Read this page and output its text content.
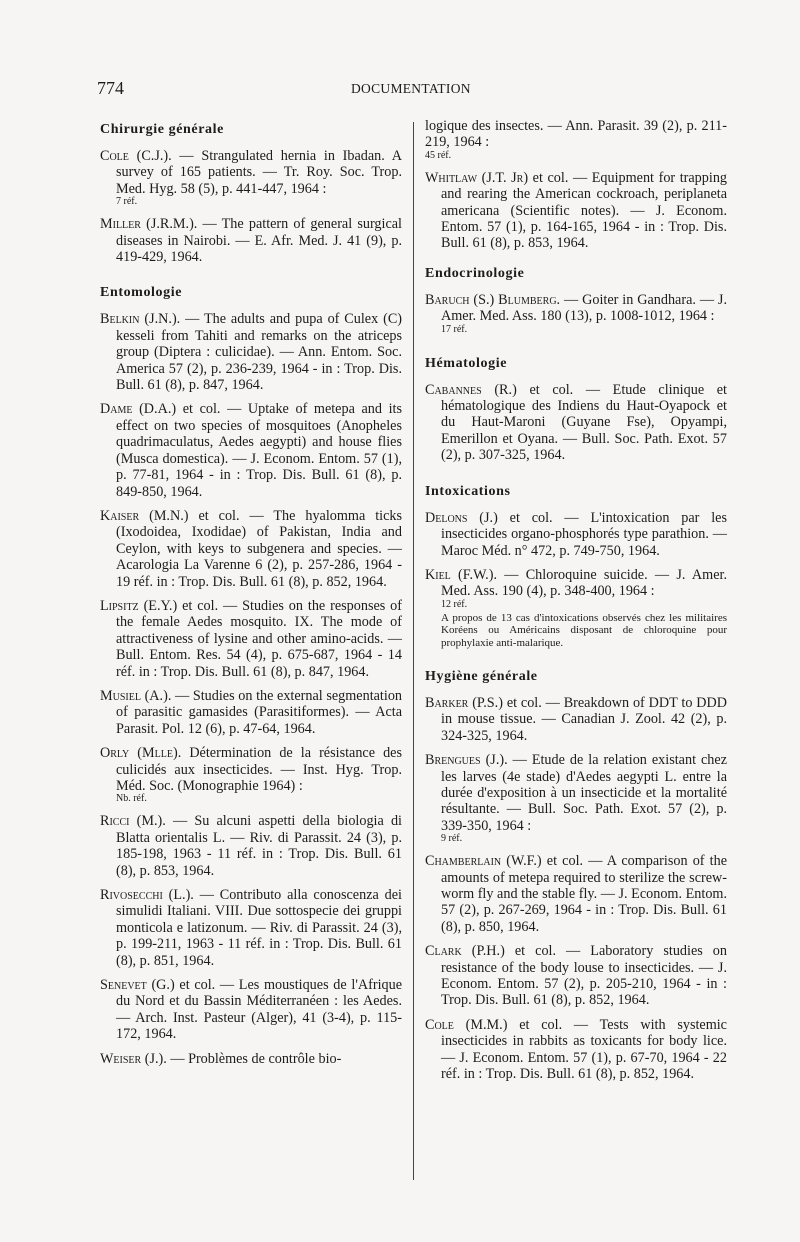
774	DOCUMENTATION
Chirurgie générale
Cole (C.J.). — Strangulated hernia in Ibadan. A survey of 165 patients. — Tr. Roy. Soc. Trop. Med. Hyg. 58 (5), p. 441-447, 1964 :
7 réf.
Miller (J.R.M.). — The pattern of general surgical diseases in Nairobi. — E. Afr. Med. J. 41 (9), p. 419-429, 1964.
Entomologie
Belkin (J.N.). — The adults and pupa of Culex (C) kesseli from Tahiti and remarks on the atriceps group (Diptera : culicidae). — Ann. Entom. Soc. America 57 (2), p. 236-239, 1964 - in : Trop. Dis. Bull. 61 (8), p. 847, 1964.
Dame (D.A.) et col. — Uptake of metepa and its effect on two species of mosquitoes (Anopheles quadrimaculatus, Aedes aegypti) and house flies (Musca domestica). — J. Econom. Entom. 57 (1), p. 77-81, 1964 - in : Trop. Dis. Bull. 61 (8), p. 849-850, 1964.
Kaiser (M.N.) et col. — The hyalomma ticks (Ixodoidea, Ixodidae) of Pakistan, India and Ceylon, with keys to subgenera and species. — Acarologia La Varenne 6 (2), p. 257-286, 1964 - 19 réf. in : Trop. Dis. Bull. 61 (8), p. 852, 1964.
Lipsitz (E.Y.) et col. — Studies on the responses of the female Aedes mosquito. IX. The mode of attractiveness of lysine and other amino-acids. — Bull. Entom. Res. 54 (4), p. 675-687, 1964 - 14 réf. in : Trop. Dis. Bull. 61 (8), p. 847, 1964.
Musiel (A.). — Studies on the external segmentation of parasitic gamasides (Parasitiformes). — Acta Parasit. Pol. 12 (6), p. 47-64, 1964.
Orly (Mlle). Détermination de la résistance des culicidés aux insecticides. — Inst. Hyg. Trop. Méd. Soc. (Monographie 1964) :
Nb. réf.
Ricci (M.). — Su alcuni aspetti della biologia di Blatta orientalis L. — Riv. di Parassit. 24 (3), p. 185-198, 1963 - 11 réf. in : Trop. Dis. Bull. 61 (8), p. 853, 1964.
Rivosecchi (L.). — Contributo alla conoscenza dei simulidi Italiani. VIII. Due sottospecie dei gruppi monticola e latizonum. — Riv. di Parassit. 24 (3), p. 199-211, 1963 - 11 réf. in : Trop. Dis. Bull. 61 (8), p. 851, 1964.
Senevet (G.) et col. — Les moustiques de l'Afrique du Nord et du Bassin Méditerranéen : les Aedes. — Arch. Inst. Pasteur (Alger), 41 (3-4), p. 115-172, 1964.
Weiser (J.). — Problèmes de contrôle bio-
logique des insectes. — Ann. Parasit. 39 (2), p. 211-219, 1964 :
45 réf.
Whitlaw (J.T. Jr) et col. — Equipment for trapping and rearing the American cockroach, periplaneta americana (Scientific notes). — J. Econom. Entom. 57 (1), p. 164-165, 1964 - in : Trop. Dis. Bull. 61 (8), p. 853, 1964.
Endocrinologie
Baruch (S.) Blumberg. — Goiter in Gandhara. — J. Amer. Med. Ass. 180 (13), p. 1008-1012, 1964 :
17 réf.
Hématologie
Cabannes (R.) et col. — Etude clinique et hématologique des Indiens du Haut-Oyapock et du Haut-Maroni (Guyane Fse), Opyampi, Emerillon et Oyana. — Bull. Soc. Path. Exot. 57 (2), p. 307-325, 1964.
Intoxications
Delons (J.) et col. — L'intoxication par les insecticides organo-phosphorés type parathion. — Maroc Méd. n° 472, p. 749-750, 1964.
Kiel (F.W.). — Chloroquine suicide. — J. Amer. Med. Ass. 190 (4), p. 348-400, 1964 :
12 réf.
A propos de 13 cas d'intoxications observés chez les militaires Koréens ou Américains disposant de chloroquine pour prophylaxie anti-malarique.
Hygiène générale
Barker (P.S.) et col. — Breakdown of DDT to DDD in mouse tissue. — Canadian J. Zool. 42 (2), p. 324-325, 1964.
Brengues (J.). — Etude de la relation existant chez les larves (4e stade) d'Aedes aegypti L. entre la durée d'exposition à un insecticide et la mortalité résultante. — Bull. Soc. Path. Exot. 57 (2), p. 339-350, 1964 :
9 réf.
Chamberlain (W.F.) et col. — A comparison of the amounts of metepa required to sterilize the screw-worm fly and the stable fly. — J. Econom. Entom. 57 (2), p. 267-269, 1964 - in : Trop. Dis. Bull. 61 (8), p. 850, 1964.
Clark (P.H.) et col. — Laboratory studies on resistance of the body louse to insecticides. — J. Econom. Entom. 57 (2), p. 205-210, 1964 - in : Trop. Dis. Bull. 61 (8), p. 852, 1964.
Cole (M.M.) et col. — Tests with systemic insecticides in rabbits as toxicants for body lice. — J. Econom. Entom. 57 (1), p. 67-70, 1964 - 22 réf. in : Trop. Dis. Bull. 61 (8), p. 852, 1964.
